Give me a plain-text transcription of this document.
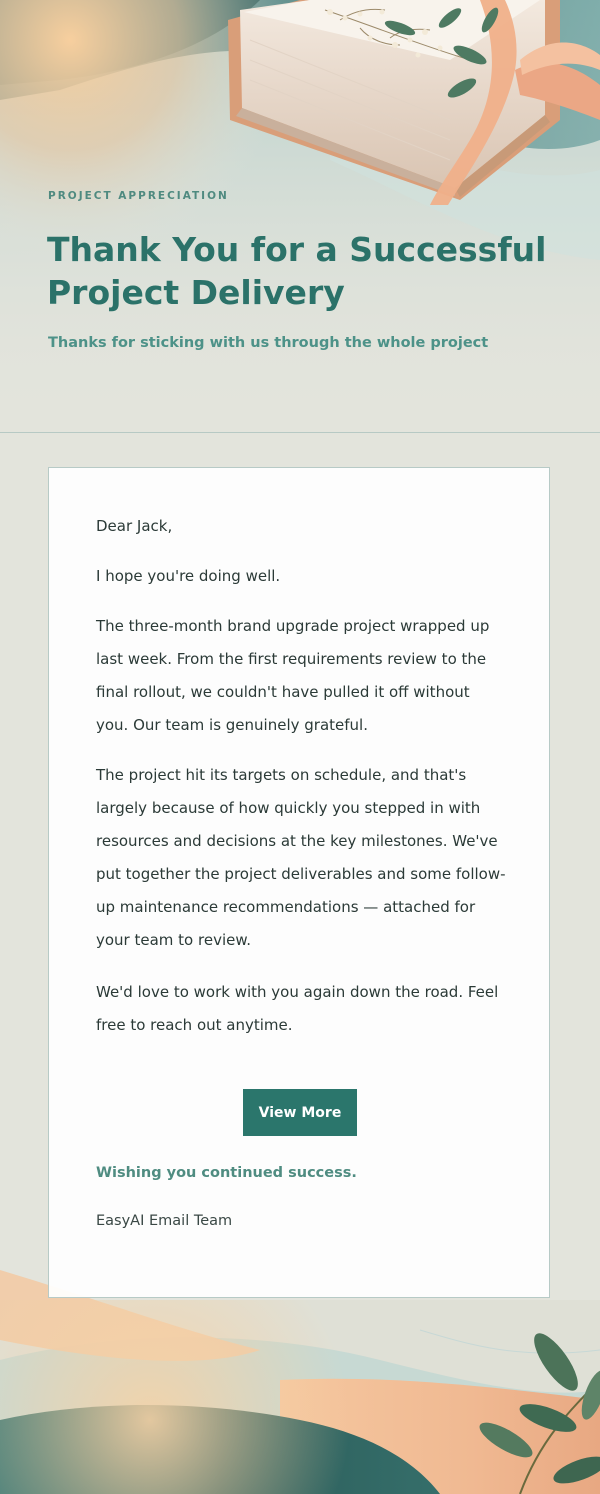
PROJECT APPRECIATION
Thank You for a Successful Project Delivery
Thanks for sticking with us through the whole project

Dear Jack,

I hope you're doing well.

The three-month brand upgrade project wrapped up last week. From the first requirements review to the final rollout, we couldn't have pulled it off without you. Our team is genuinely grateful.

The project hit its targets on schedule, and that's largely because of how quickly you stepped in with resources and decisions at the key milestones. We've put together the project deliverables and some follow-up maintenance recommendations — attached for your team to review.

We'd love to work with you again down the road. Feel free to reach out anytime.

View More
Wishing you continued success.
EasyAI Email Team
